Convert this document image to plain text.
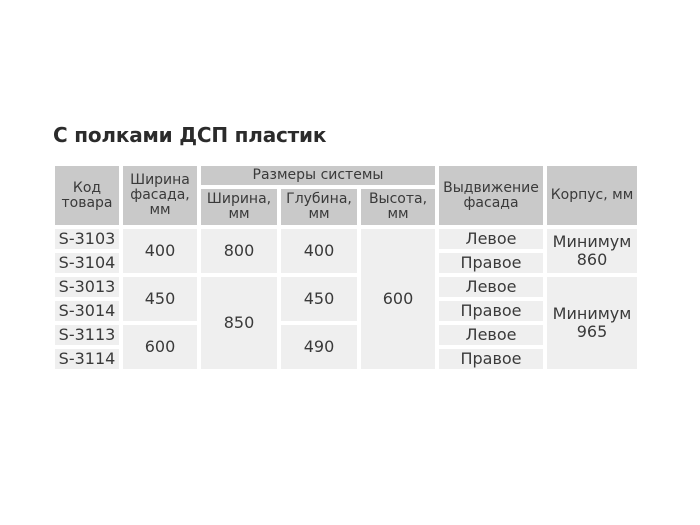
С полками ДСП пластик
Код товара	Ширина фасада, мм	Размеры системы			Выдвижение фасада	Корпус, мм
		Ширина, мм	Глубина, мм	Высота, мм		
S-3103	400	800	400	600	Левое	Минимум 860
S-3104					Правое	
S-3013	450	850	450		Левое	Минимум 965
S-3014					Правое	
S-3113	600		490		Левое	
S-3114					Правое	
